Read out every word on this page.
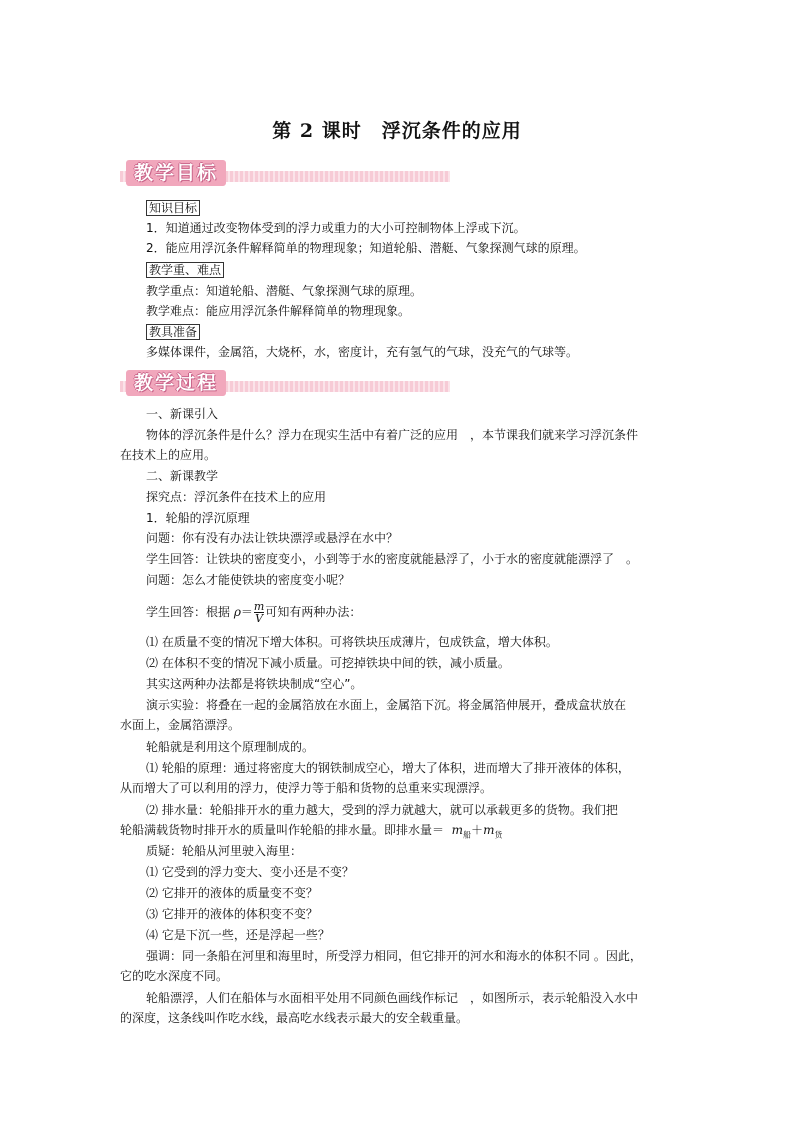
第 2 课时　浮沉条件的应用
教学目标
知识目标
1．知道通过改变物体受到的浮力或重力的大小可控制物体上浮或下沉。
2．能应用浮沉条件解释简单的物理现象；知道轮船、潜艇、气象探测气球的原理。
教学重、难点
教学重点：知道轮船、潜艇、气象探测气球的原理。
教学难点：能应用浮沉条件解释简单的物理现象。
教具准备
多媒体课件，金属箔，大烧杯，水，密度计，充有氢气的气球，没充气的气球等。
教学过程
一、新课引入
物体的浮沉条件是什么？浮力在现实生活中有着广泛的应用　，本节课我们就来学习浮沉条件
在技术上的应用。
二、新课教学
探究点：浮沉条件在技术上的应用
1．轮船的浮沉原理
问题：你有没有办法让铁块漂浮或悬浮在水中？
学生回答：让铁块的密度变小，小到等于水的密度就能悬浮了，小于水的密度就能漂浮了　。
问题：怎么才能使铁块的密度变小呢？
学生回答：根据 $\rho= \frac{m}{V}$ 可知有两种办法：
⑴ 在质量不变的情况下增大体积。可将铁块压成薄片，包成铁盒，增大体积。
⑵ 在体积不变的情况下减小质量。可挖掉铁块中间的铁，减小质量。
其实这两种办法都是将铁块制成“空心”。
演示实验：将叠在一起的金属箔放在水面上，金属箔下沉。将金属箔伸展开，叠成盒状放在
水面上，金属箔漂浮。
轮船就是利用这个原理制成的。
⑴ 轮船的原理：通过将密度大的钢铁制成空心，增大了体积，进而增大了排开液体的体积，
从而增大了可以利用的浮力，使浮力等于船和货物的总重来实现漂浮。
⑵ 排水量：轮船排开水的重力越大，受到的浮力就越大，就可以承载更多的货物。我们把
轮船满载货物时排开水的质量叫作轮船的排水量。即排水量＝ $m_船+m_货$
质疑：轮船从河里驶入海里：
⑴ 它受到的浮力变大、变小还是不变？
⑵ 它排开的液体的质量变不变？
⑶ 它排开的液体的体积变不变？
⑷ 它是下沉一些，还是浮起一些？
强调：同一条船在河里和海里时，所受浮力相同，但它排开的河水和海水的体积不同 。因此，
它的吃水深度不同。
轮船漂浮，人们在船体与水面相平处用不同颜色画线作标记　，如图所示，表示轮船没入水中
的深度，这条线叫作吃水线，最高吃水线表示最大的安全载重量。
